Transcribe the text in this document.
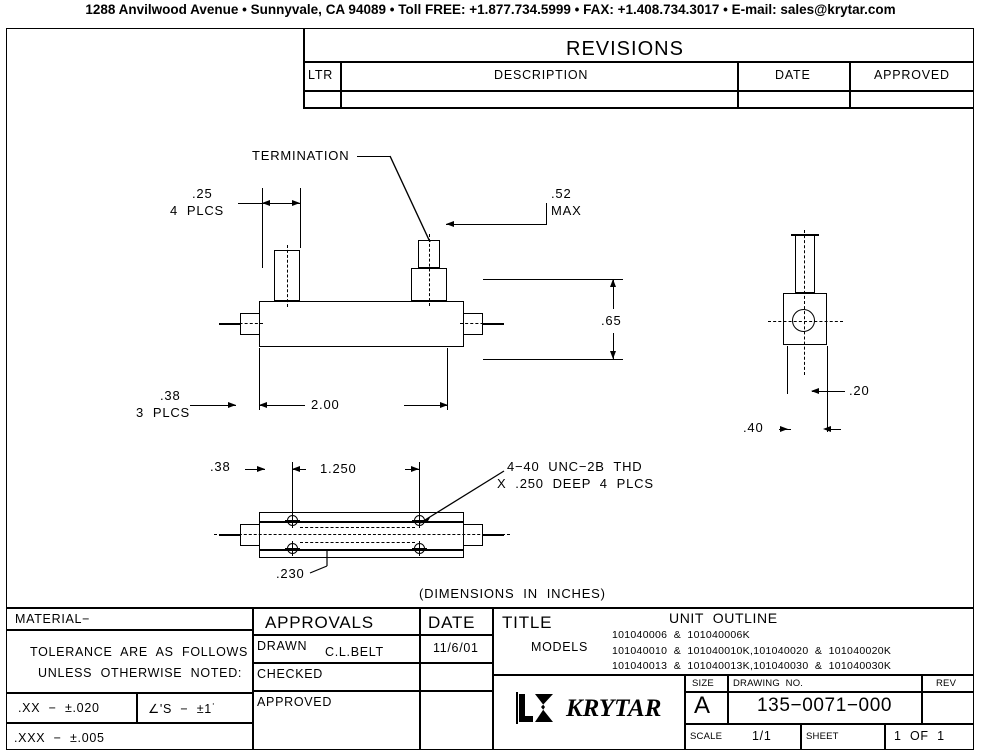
1288 Anvilwood Avenue • Sunnyvale, CA 94089 • Toll FREE: +1.877.734.5999 • FAX: +1.408.734.3017 • E-mail: sales@krytar.com
REVISIONS
LTR	DESCRIPTION	DATE	APPROVED
TERMINATION
.25
4  PLCS
.52
MAX
.65
.38
3  PLCS
2.00
.20
.40
.38	1.250	4−40  UNC−2B  THD
X  .250  DEEP  4  PLCS
.230
(DIMENSIONS  IN  INCHES)
MATERIAL−
TOLERANCE  ARE  AS  FOLLOWS
UNLESS  OTHERWISE  NOTED:
.XX  −  ±.020	∠'S  −  ±1˙
.XXX  −  ±.005
APPROVALS	DATE
DRAWN C.L.BELT	11/6/01
CHECKED
APPROVED
TITLE	UNIT  OUTLINE
MODELS
101040006  &  101040006K
101040010  &  101040010K,101040020  &  101040020K
101040013  &  101040013K,101040030  &  101040030K
SIZE DRAWING  NO.	REV
A 135−0071−000
SCALE 1/1	SHEET	1  OF  1
KRYTAR
